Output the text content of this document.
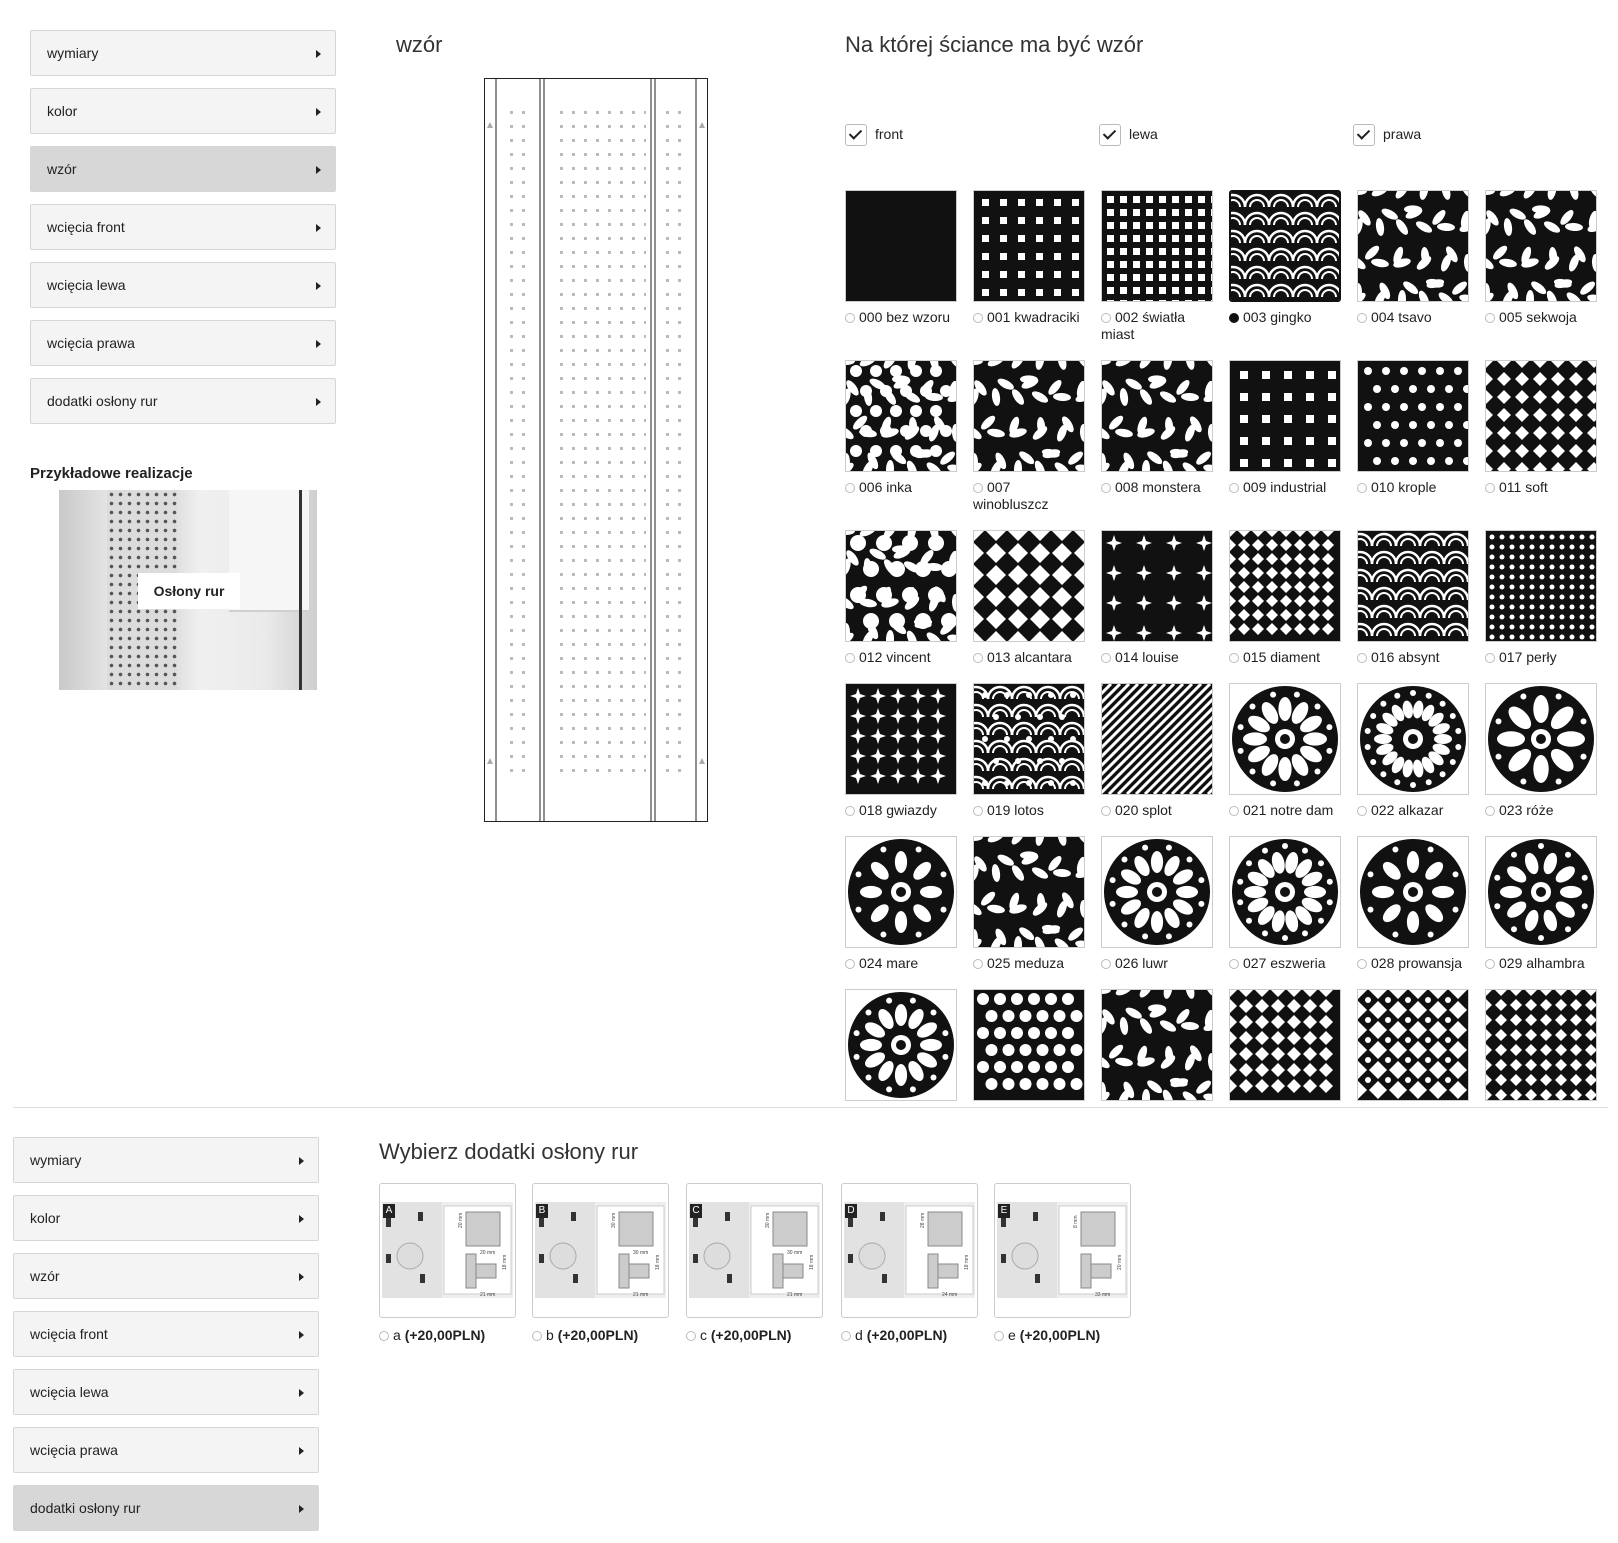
wymiary
kolor
wzór
wcięcia front
wcięcia lewa
wcięcia prawa
dodatki osłony rur
Przykładowe realizacje
Osłony rur
wzór	Na której ściance ma być wzór
front	lewa	prawa
000 bez wzoru	001 kwadraciki	002 światła miast
003 gingko	004 tsavo	005 sekwoja
006 inka	007 winobluszcz
008 monstera	009 industrial	010 krople	011 soft
012 vincent	013 alcantara	014 louise	015 diament	016 absynt	017 perły
018 gwiazdy	019 lotos	020 splot	021 notre dam	022 alkazar	023 róże
024 mare	025 meduza	026 luwr	027 eszweria	028 prowansja	029 alhambra
wymiary
kolor
wzór
wcięcia front
wcięcia lewa
wcięcia prawa
dodatki osłony rur
Wybierz dodatki osłony rur
A
20 mm
20 mm
18 mm
21 mm
a (+20,00PLN)
B
30 mm
30 mm
18 mm
21 mm
b (+20,00PLN)
C
30 mm
30 mm
18 mm
21 mm
c (+20,00PLN)
D
28 mm
18 mm
24 mm
d (+20,00PLN)
E
8 mm
20 mm
33 mm
e (+20,00PLN)
